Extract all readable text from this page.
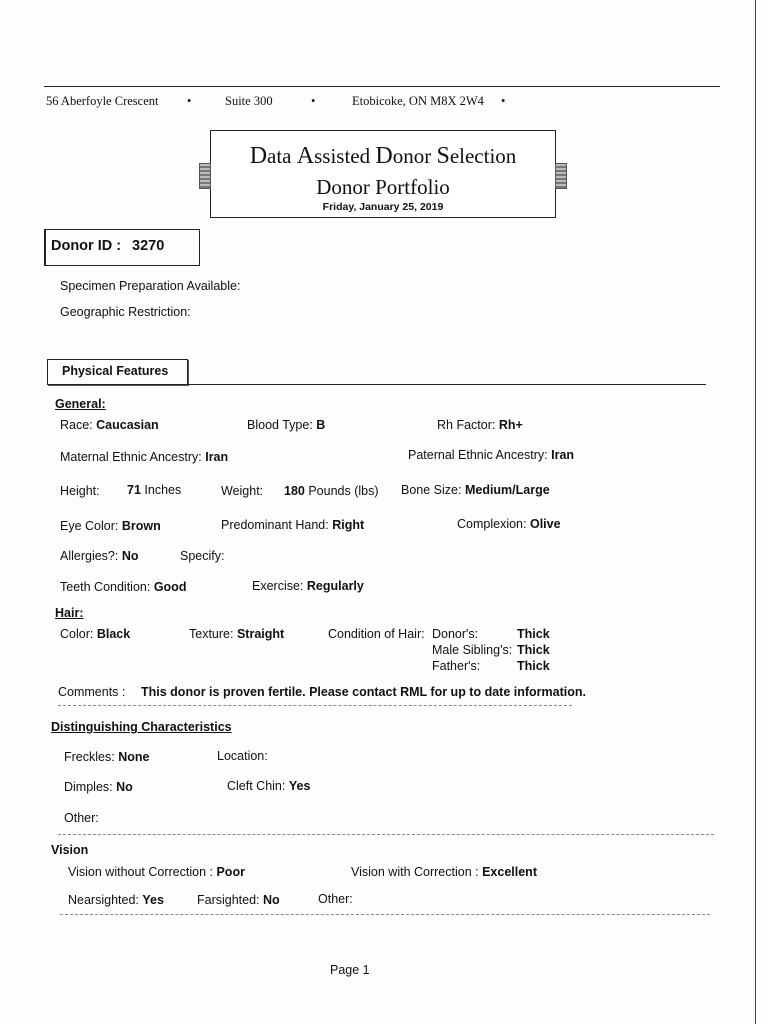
56 Aberfoyle Crescent •	Suite 300	•	Etobicoke, ON M8X 2W4 •
Data Assisted Donor Selection
Donor Portfolio
Friday, January 25, 2019
Donor ID : 3270
Specimen Preparation Available:
Geographic Restriction:
Physical Features
General:
Race: Caucasian	Blood Type: B	Rh Factor: Rh+
Maternal Ethnic Ancestry: Iran	Paternal Ethnic Ancestry: Iran
Height: 71 Inches	Weight: 180 Pounds (lbs) Bone Size: Medium/Large
Eye Color: Brown	Predominant Hand: Right	Complexion: Olive
Allergies?: No	Specify:
Teeth Condition: Good	Exercise: Regularly
Hair:
Color: Black	Texture: Straight	Condition of Hair: Donor's:	Thick
Male Sibling's: Thick
Father's:	Thick
Comments : This donor is proven fertile. Please contact RML for up to date information.
Distinguishing Characteristics
Freckles: None	Location:
Dimples: No	Cleft Chin: Yes
Other:
Vision
Vision without Correction : Poor	Vision with Correction : Excellent
Nearsighted: Yes	Farsighted: No	Other:
Page 1
